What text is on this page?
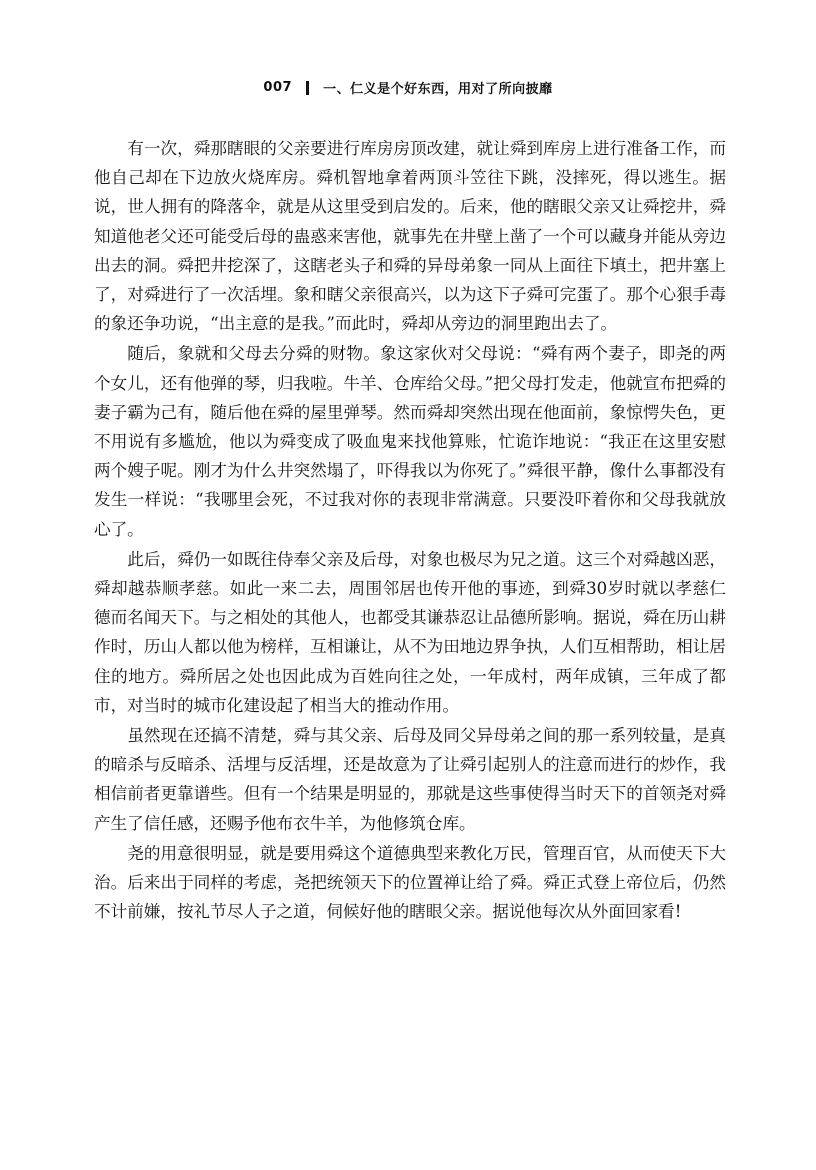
007 一、仁义是个好东西，用对了所向披靡

有一次，舜那瞎眼的父亲要进行库房房顶改建，就让舜到库房上进行准备工作，而他自己却在下边放火烧库房。舜机智地拿着两顶斗笠往下跳，没摔死，得以逃生。据说，世人拥有的降落伞，就是从这里受到启发的。后来，他的瞎眼父亲又让舜挖井，舜知道他老父还可能受后母的蛊惑来害他，就事先在井壁上凿了一个可以藏身并能从旁边出去的洞。舜把井挖深了，这瞎老头子和舜的异母弟象一同从上面往下填土，把井塞上了，对舜进行了一次活埋。象和瞎父亲很高兴，以为这下子舜可完蛋了。那个心狠手毒的象还争功说，“出主意的是我。”而此时，舜却从旁边的洞里跑出去了。

随后，象就和父母去分舜的财物。象这家伙对父母说：“舜有两个妻子，即尧的两个女儿，还有他弹的琴，归我啦。牛羊、仓库给父母。”把父母打发走，他就宣布把舜的妻子霸为己有，随后他在舜的屋里弹琴。然而舜却突然出现在他面前，象惊愕失色，更不用说有多尴尬，他以为舜变成了吸血鬼来找他算账，忙诡诈地说：“我正在这里安慰两个嫂子呢。刚才为什么井突然塌了，吓得我以为你死了。”舜很平静，像什么事都没有发生一样说：“我哪里会死，不过我对你的表现非常满意。只要没吓着你和父母我就放心了。

此后，舜仍一如既往侍奉父亲及后母，对象也极尽为兄之道。这三个对舜越凶恶，舜却越恭顺孝慈。如此一来二去，周围邻居也传开他的事迹，到舜30岁时就以孝慈仁德而名闻天下。与之相处的其他人，也都受其谦恭忍让品德所影响。据说，舜在历山耕作时，历山人都以他为榜样，互相谦让，从不为田地边界争执，人们互相帮助，相让居住的地方。舜所居之处也因此成为百姓向往之处，一年成村，两年成镇，三年成了都市，对当时的城市化建设起了相当大的推动作用。

虽然现在还搞不清楚，舜与其父亲、后母及同父异母弟之间的那一系列较量，是真的暗杀与反暗杀、活埋与反活埋，还是故意为了让舜引起别人的注意而进行的炒作，我相信前者更靠谱些。但有一个结果是明显的，那就是这些事使得当时天下的首领尧对舜产生了信任感，还赐予他布衣牛羊，为他修筑仓库。

尧的用意很明显，就是要用舜这个道德典型来教化万民，管理百官，从而使天下大治。后来出于同样的考虑，尧把统领天下的位置禅让给了舜。舜正式登上帝位后，仍然不计前嫌，按礼节尽人子之道，伺候好他的瞎眼父亲。据说他每次从外面回家看!
